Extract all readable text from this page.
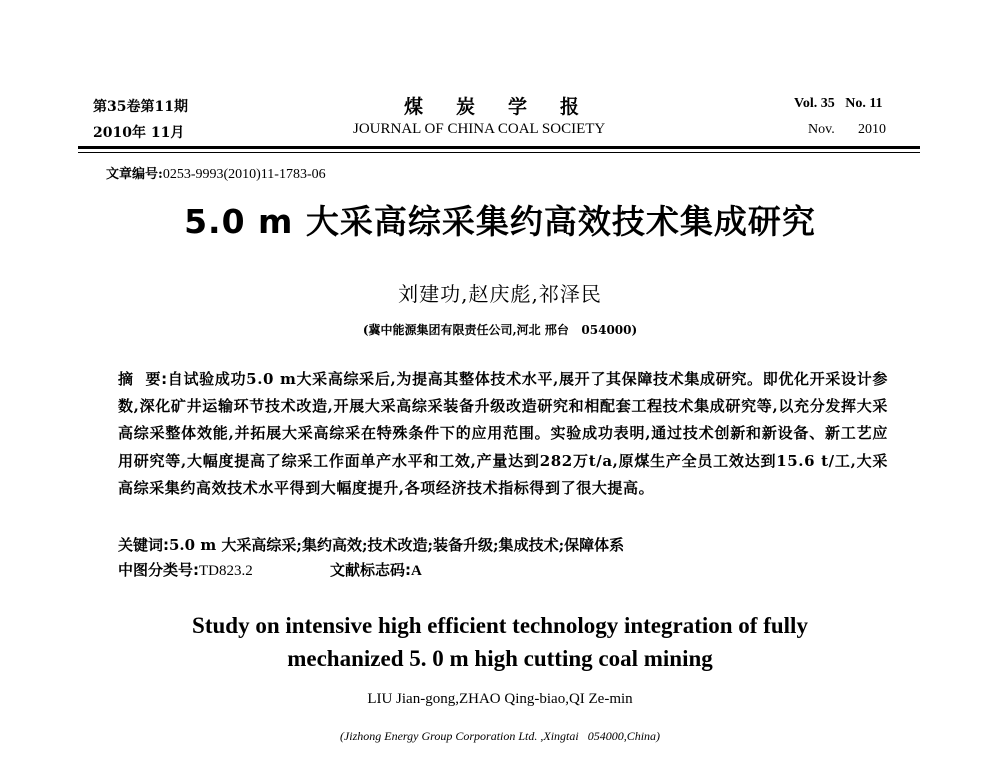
第35卷第11期
2010年 11月
煤炭学报
JOURNAL OF CHINA COAL SOCIETY
Vol. 35   No. 11
Nov. 2010
文章编号:0253-9993(2010)11-1783-06
5.0 m 大采高综采集约高效技术集成研究
刘建功,赵庆彪,祁泽民
(冀中能源集团有限责任公司,河北 邢台   054000)
摘  要:自试验成功5.0 m大采高综采后,为提高其整体技术水平,展开了其保障技术集成研究。即优化开采设计参数,深化矿井运输环节技术改造,开展大采高综采装备升级改造研究和相配套工程技术集成研究等,以充分发挥大采高综采整体效能,并拓展大采高综采在特殊条件下的应用范围。实验成功表明,通过技术创新和新设备、新工艺应用研究等,大幅度提高了综采工作面单产水平和工效,产量达到282万t/a,原煤生产全员工效达到15.6 t/工,大采高综采集约高效技术水平得到大幅度提升,各项经济技术指标得到了很大提高。
关键词:5.0 m 大采高综采;集约高效;技术改造;装备升级;集成技术;保障体系
中图分类号:TD823.2	文献标志码:A
Study on intensive high efficient technology integration of fully
mechanized 5. 0 m high cutting coal mining
LIU Jian-gong,ZHAO Qing-biao,QI Ze-min
(Jizhong Energy Group Corporation Ltd. ,Xingtai   054000,China)
